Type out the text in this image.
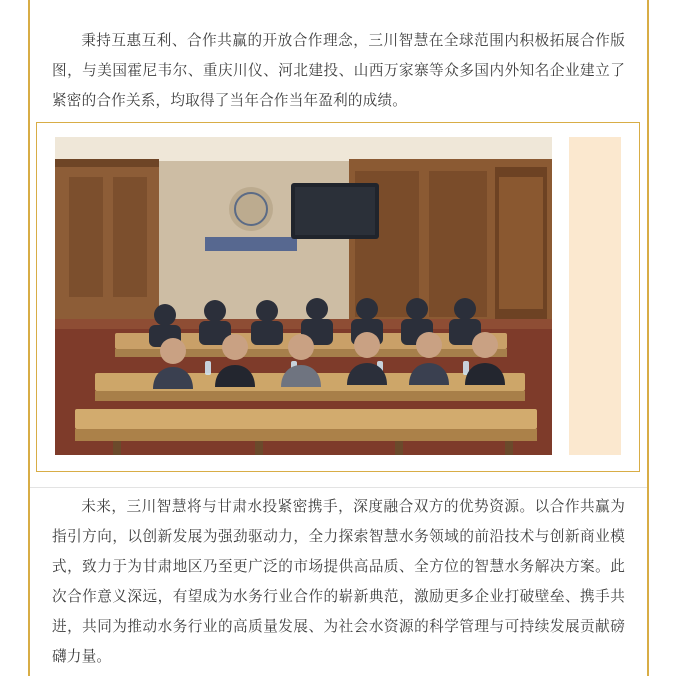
秉持互惠互利、合作共赢的开放合作理念，三川智慧在全球范围内积极拓展合作版图，与美国霍尼韦尔、重庆川仪、河北建投、山西万家寨等众多国内外知名企业建立了紧密的合作关系，均取得了当年合作当年盈利的成绩。

未来，三川智慧将与甘肃水投紧密携手，深度融合双方的优势资源。以合作共赢为指引方向，以创新发展为强劲驱动力，全力探索智慧水务领域的前沿技术与创新商业模式，致力于为甘肃地区乃至更广泛的市场提供高品质、全方位的智慧水务解决方案。此次合作意义深远，有望成为水务行业合作的崭新典范，激励更多企业打破壁垒、携手共进，共同为推动水务行业的高质量发展、为社会水资源的科学管理与可持续发展贡献磅礴力量。
